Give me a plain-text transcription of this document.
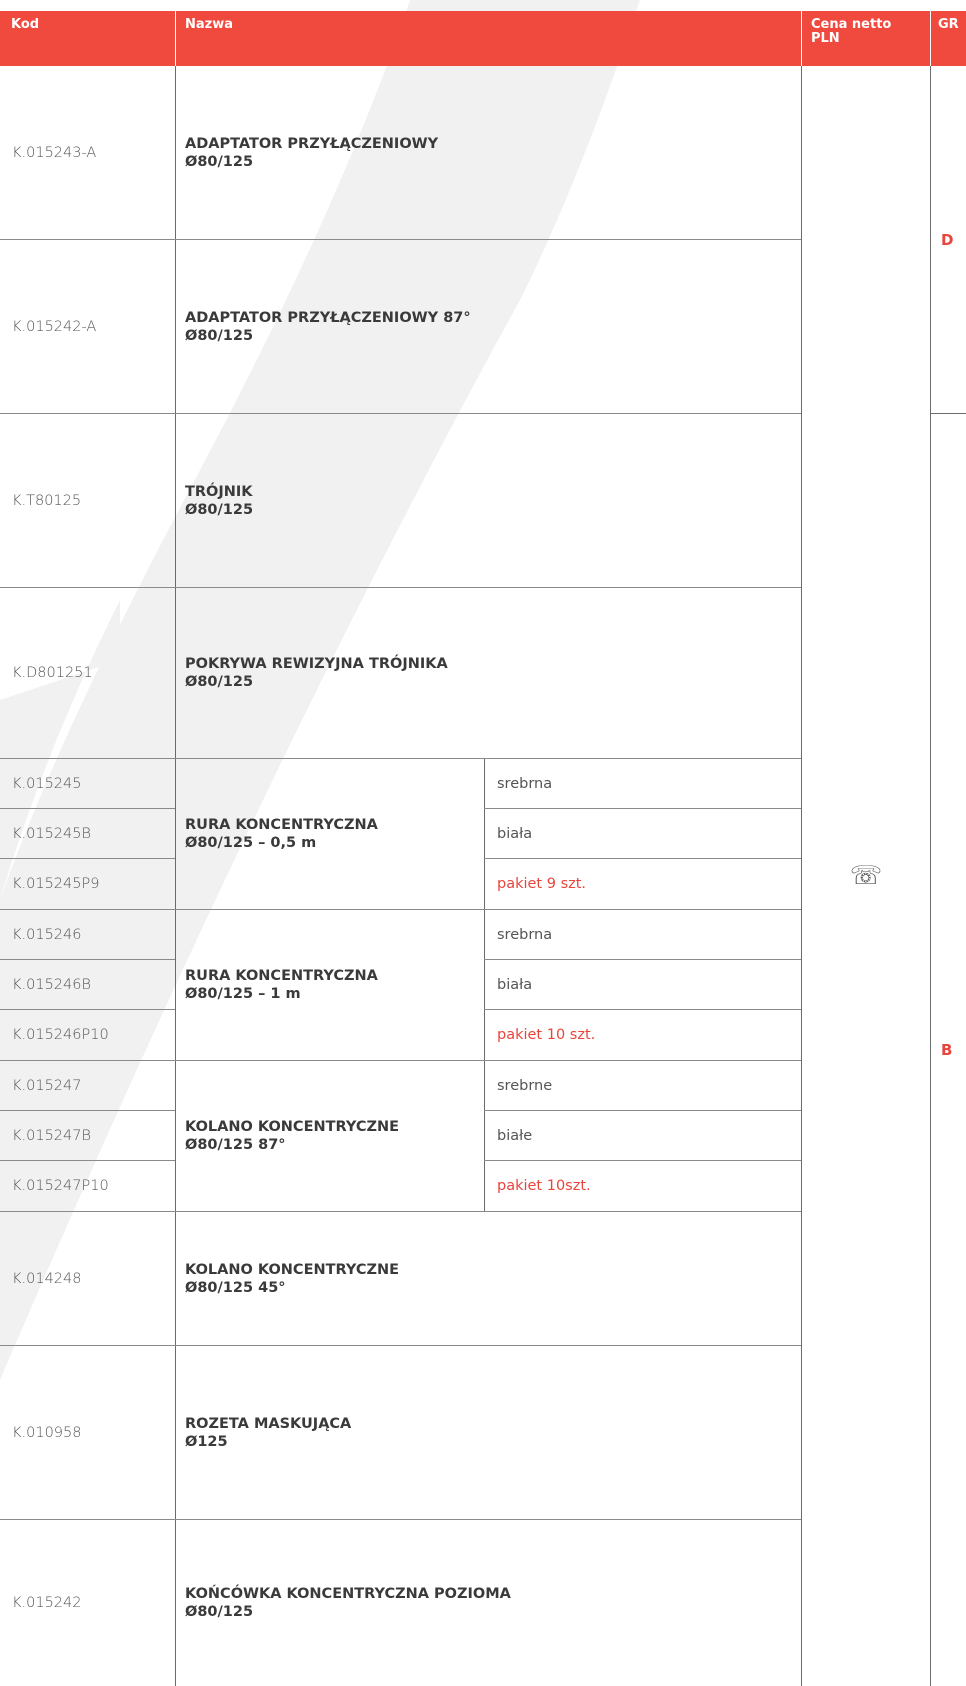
Kod	Nazwa	Cena netto
PLN
GR
K.015243-A
ADAPTATOR PRZYŁĄCZENIOWY
Ø80/125
K.015242-A
ADAPTATOR PRZYŁĄCZENIOWY 87°
Ø80/125
K.T80125
TRÓJNIK
Ø80/125
K.D801251
POKRYWA REWIZYJNA TRÓJNIKA
Ø80/125
K.015245
K.015245B
K.015245P9
RURA KONCENTRYCZNA
Ø80/125 – 0,5 m
srebrna
biała
pakiet 9 szt.
K.015246
K.015246B
K.015246P10
RURA KONCENTRYCZNA
Ø80/125 – 1 m
srebrna
biała
pakiet 10 szt.
K.015247
K.015247B
K.015247P10
KOLANO KONCENTRYCZNE
Ø80/125 87°
srebrne
białe
pakiet 10szt.
K.014248
KOLANO KONCENTRYCZNE
Ø80/125 45°
K.010958
ROZETA MASKUJĄCA
Ø125
K.015242
KOŃCÓWKA KONCENTRYCZNA POZIOMA
Ø80/125
☏
D
B
